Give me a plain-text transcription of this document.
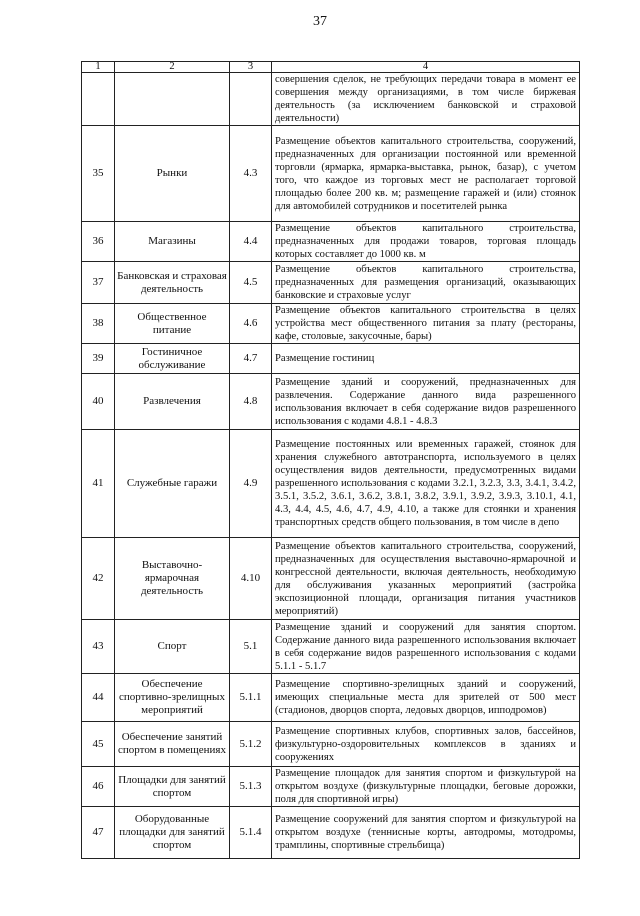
37
1	2	3	4
			совершения сделок, не требующих передачи товара в момент ее совершения между организациями, в том числе биржевая деятельность (за исключением банковской и страховой деятельности)
35	Рынки	4.3	Размещение объектов капитального строительства, сооружений, предназначенных для организации постоянной или временной торговли (ярмарка, ярмарка-выставка, рынок, базар), с учетом того, что каждое из торговых мест не располагает торговой площадью более 200 кв. м; размещение гаражей и (или) стоянок для автомобилей сотрудников и посетителей рынка
36	Магазины	4.4	Размещение объектов капитального строительства, предназначенных для продажи товаров, торговая площадь которых составляет до 1000 кв. м
37	Банковская и страховая деятельность	4.5	Размещение объектов капитального строительства, предназначенных для размещения организаций, оказывающих банковские и страховые услуг
38	Общественное питание	4.6	Размещение объектов капитального строительства в целях устройства мест общественного питания за плату (рестораны, кафе, столовые, закусочные, бары)
39	Гостиничное обслуживание	4.7	Размещение гостиниц
40	Развлечения	4.8	Размещение зданий и сооружений, предназначенных для развлечения. Содержание данного вида разрешенного использования включает в себя содержание видов разрешенного использования с кодами 4.8.1 - 4.8.3
41	Служебные гаражи	4.9	Размещение постоянных или временных гаражей, стоянок для хранения служебного автотранспорта, используемого в целях осуществления видов деятельности, предусмотренных видами разрешенного использования с кодами 3.2.1, 3.2.3, 3.3, 3.4.1, 3.4.2, 3.5.1, 3.5.2, 3.6.1, 3.6.2, 3.8.1, 3.8.2, 3.9.1, 3.9.2, 3.9.3, 3.10.1, 4.1, 4.3, 4.4, 4.5, 4.6, 4.7, 4.9, 4.10, а также для стоянки и хранения транспортных средств общего пользования, в том числе в депо
42	Выставочно-ярмарочная деятельность	4.10	Размещение объектов капитального строительства, сооружений, предназначенных для осуществления выставочно-ярмарочной и конгрессной деятельности, включая деятельность, необходимую для обслуживания указанных мероприятий (застройка экспозиционной площади, организация питания участников мероприятий)
43	Спорт	5.1	Размещение зданий и сооружений для занятия спортом. Содержание данного вида разрешенного использования включает в себя содержание видов разрешенного использования с кодами 5.1.1 - 5.1.7
44	Обеспечение спортивно-зрелищных мероприятий	5.1.1	Размещение спортивно-зрелищных зданий и сооружений, имеющих специальные места для зрителей от 500 мест (стадионов, дворцов спорта, ледовых дворцов, ипподромов)
45	Обеспечение занятий спортом в помещениях	5.1.2	Размещение спортивных клубов, спортивных залов, бассейнов, физкультурно-оздоровительных комплексов в зданиях и сооружениях
46	Площадки для занятий спортом	5.1.3	Размещение площадок для занятия спортом и физкультурой на открытом воздухе (физкультурные площадки, беговые дорожки, поля для спортивной игры)
47	Оборудованные площадки для занятий спортом	5.1.4	Размещение сооружений для занятия спортом и физкультурой на открытом воздухе (теннисные корты, автодромы, мотодромы, трамплины, спортивные стрельбища)
